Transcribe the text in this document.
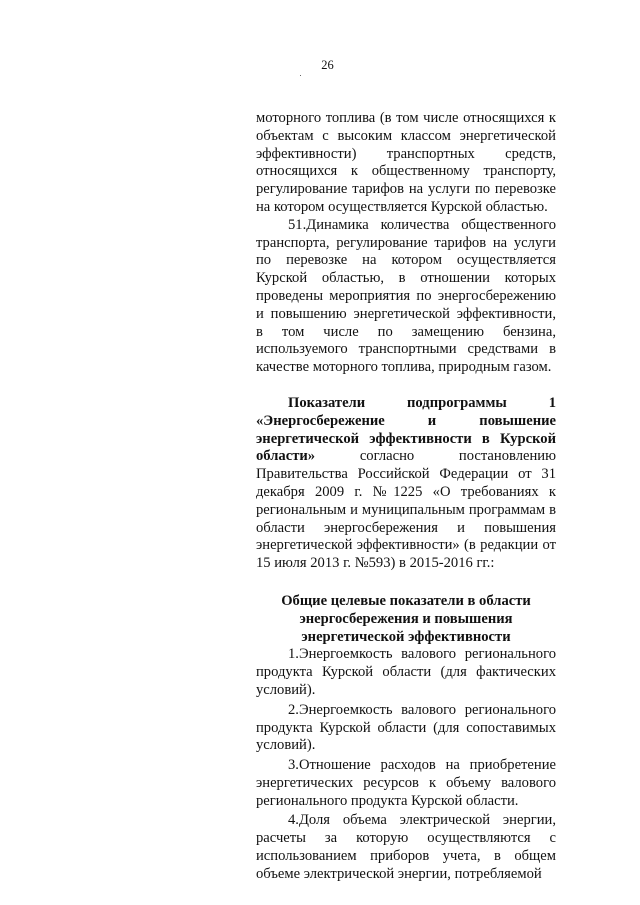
26

моторного топлива (в том числе относящихся к объектам с высоким классом энергетической эффективности) транспортных средств, относящихся к общественному транспорту, регулирование тарифов на услуги по перевозке на котором осуществляется Курской областью.

51.Динамика количества общественного транспорта, регулирование тарифов на услуги по перевозке на котором осуществляется Курской областью, в отношении которых проведены мероприятия по энергосбережению и повышению энергетической эффективности, в том числе по замещению бензина, используемого транспортными средствами в качестве моторного топлива, природным газом.

Показатели подпрограммы 1 «Энергосбережение и повышение энергетической эффективности в Курской области» согласно постановлению Правительства Российской Федерации от 31 декабря 2009 г. №1225 «О требованиях к региональным и муниципальным программам в области энергосбережения и повышения энергетической эффективности» (в редакции от 15 июля 2013 г. №593) в 2015-2016 гг.:

Общие целевые показатели в области энергосбережения и повышения энергетической эффективности

1.Энергоемкость валового регионального продукта Курской области (для фактических условий).

2.Энергоемкость валового регионального продукта Курской области (для сопоставимых условий).

3.Отношение расходов на приобретение энергетических ресурсов к объему валового регионального продукта Курской области.

4.Доля объема электрической энергии, расчеты за которую осуществляются с использованием приборов учета, в общем объеме электрической энергии, потребляемой
